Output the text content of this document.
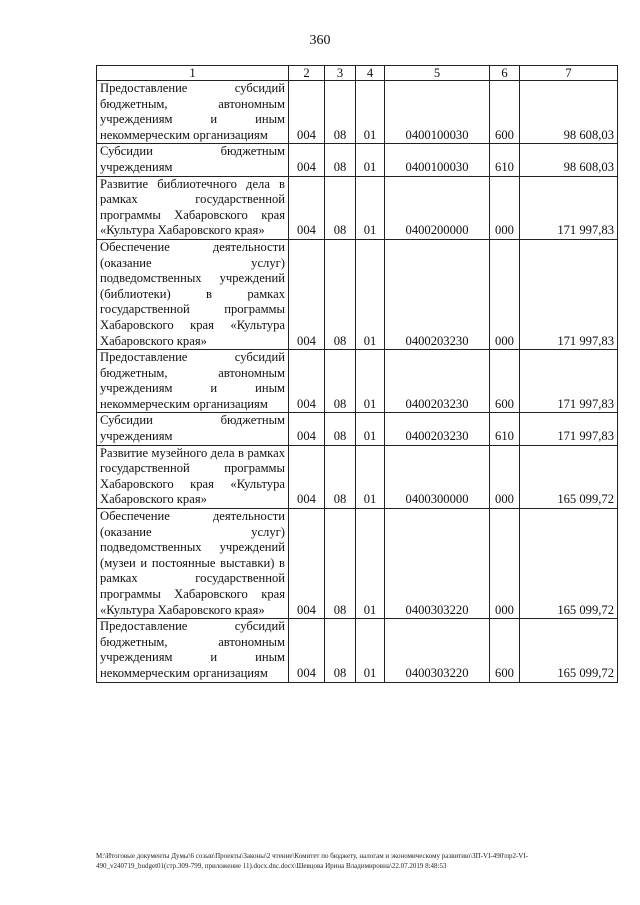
360
1	2	3	4	5	6	7
Предоставление субсидий бюджетным, автономным учреждениям и иным некоммерческим организациям	004	08	01	0400100030	600	98 608,03
Субсидии бюджетным учреждениям	004	08	01	0400100030	610	98 608,03
Развитие библиотечного дела в рамках государственной программы Хабаровского края «Культура Хабаровского края»	004	08	01	0400200000	000	171 997,83
Обеспечение деятельности (оказание услуг) подведомственных учреждений (библиотеки) в рамках государственной программы Хабаровского края «Культура Хабаровского края»	004	08	01	0400203230	000	171 997,83
Предоставление субсидий бюджетным, автономным учреждениям и иным некоммерческим организациям	004	08	01	0400203230	600	171 997,83
Субсидии бюджетным учреждениям	004	08	01	0400203230	610	171 997,83
Развитие музейного дела в рамках государственной программы Хабаровского края «Культура Хабаровского края»	004	08	01	0400300000	000	165 099,72
Обеспечение деятельности (оказание услуг) подведомственных учреждений (музеи и постоянные выставки) в рамках государственной программы Хабаровского края «Культура Хабаровского края»	004	08	01	0400303220	000	165 099,72
Предоставление субсидий бюджетным, автономным учреждениям и иным некоммерческим организациям	004	08	01	0400303220	600	165 099,72
M:\Итоговые документы Думы\6 созыв\Проекты\Законы\2 чтение\Комитет по бюджету, налогам и экономическому развитию\ЗП-VI-490\пр2-VI-490_v240719_budget01(стр.309-799, приложение 11).docx.dnc.docx\Шевцова Ирина Владимировна\22.07.2019 8:48:53
